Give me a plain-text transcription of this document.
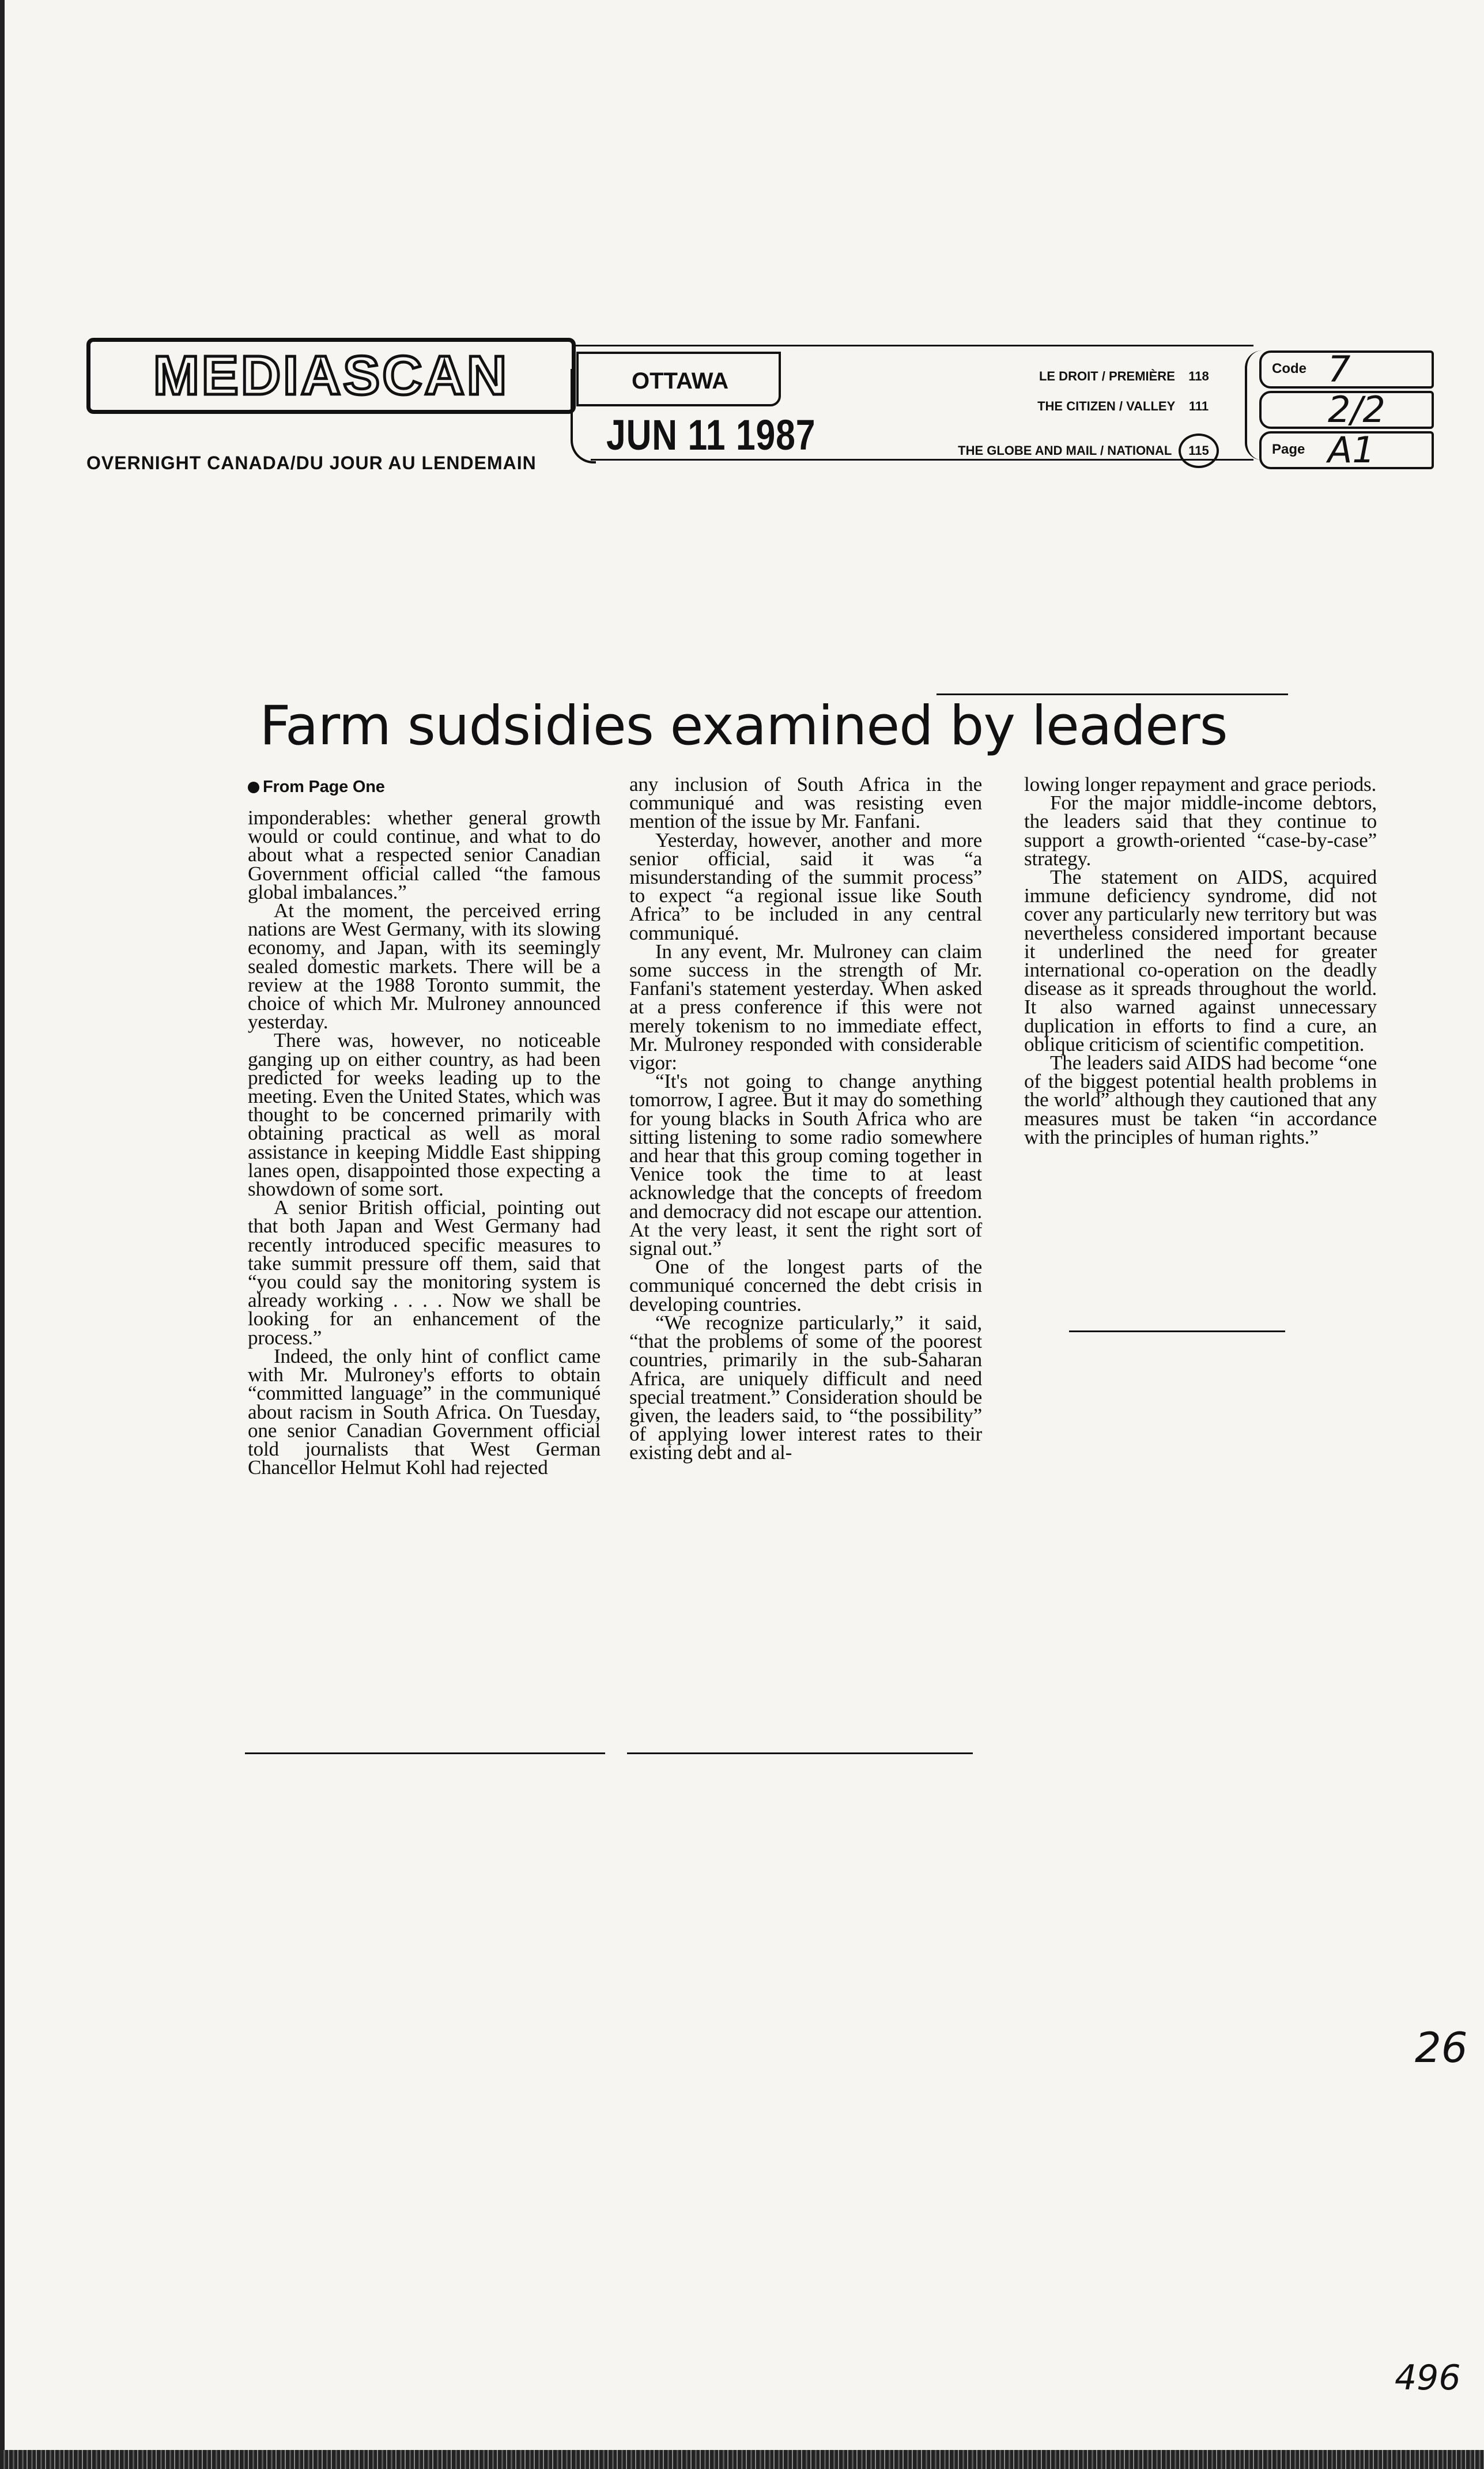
MEDIASCAN
OVERNIGHT CANADA/DU JOUR AU LENDEMAIN
OTTAWA
JUN 11 1987
LE DROIT / PREMIÈRE 118
THE CITIZEN / VALLEY 111
THE GLOBE AND MAIL / NATIONAL 115
Code 7
2/2
Page A1
Farm sudsidies examined by leaders
From Page One

imponderables: whether general growth would or could continue, and what to do about what a respected senior Canadian Government official called “the famous global imbalances.”

At the moment, the perceived erring nations are West Germany, with its slowing economy, and Japan, with its seemingly sealed domestic markets. There will be a review at the 1988 Toronto summit, the choice of which Mr. Mulroney announced yesterday.

There was, however, no noticeable ganging up on either country, as had been predicted for weeks leading up to the meeting. Even the United States, which was thought to be concerned primarily with obtaining practical as well as moral assistance in keeping Middle East shipping lanes open, disappointed those expecting a showdown of some sort.

A senior British official, pointing out that both Japan and West Germany had recently introduced specific measures to take summit pressure off them, said that “you could say the monitoring system is already working . . . . Now we shall be looking for an enhancement of the process.”

Indeed, the only hint of conflict came with Mr. Mulroney's efforts to obtain “committed language” in the communiqué about racism in South Africa. On Tuesday, one senior Canadian Government official told journalists that West German Chancellor Helmut Kohl had rejected

any inclusion of South Africa in the communiqué and was resisting even mention of the issue by Mr. Fanfani.

Yesterday, however, another and more senior official, said it was “a misunderstanding of the summit process” to expect “a regional issue like South Africa” to be included in any central communiqué.

In any event, Mr. Mulroney can claim some success in the strength of Mr. Fanfani's statement yesterday. When asked at a press conference if this were not merely tokenism to no immediate effect, Mr. Mulroney responded with considerable vigor:

“It's not going to change anything tomorrow, I agree. But it may do something for young blacks in South Africa who are sitting listening to some radio somewhere and hear that this group coming together in Venice took the time to at least acknowledge that the concepts of freedom and democracy did not escape our attention. At the very least, it sent the right sort of signal out.”

One of the longest parts of the communiqué concerned the debt crisis in developing countries.

“We recognize particularly,” it said, “that the problems of some of the poorest countries, primarily in the sub-Saharan Africa, are uniquely difficult and need special treatment.” Consideration should be given, the leaders said, to “the possibility” of applying lower interest rates to their existing debt and al-

lowing longer repayment and grace periods.

For the major middle-income debtors, the leaders said that they continue to support a growth-oriented “case-by-case” strategy.

The statement on AIDS, acquired immune deficiency syndrome, did not cover any particularly new territory but was nevertheless considered important because it underlined the need for greater international co-operation on the deadly disease as it spreads throughout the world. It also warned against unnecessary duplication in efforts to find a cure, an oblique criticism of scientific competition.

The leaders said AIDS had become “one of the biggest potential health problems in the world” although they cautioned that any measures must be taken “in accordance with the principles of human rights.”

26
496
